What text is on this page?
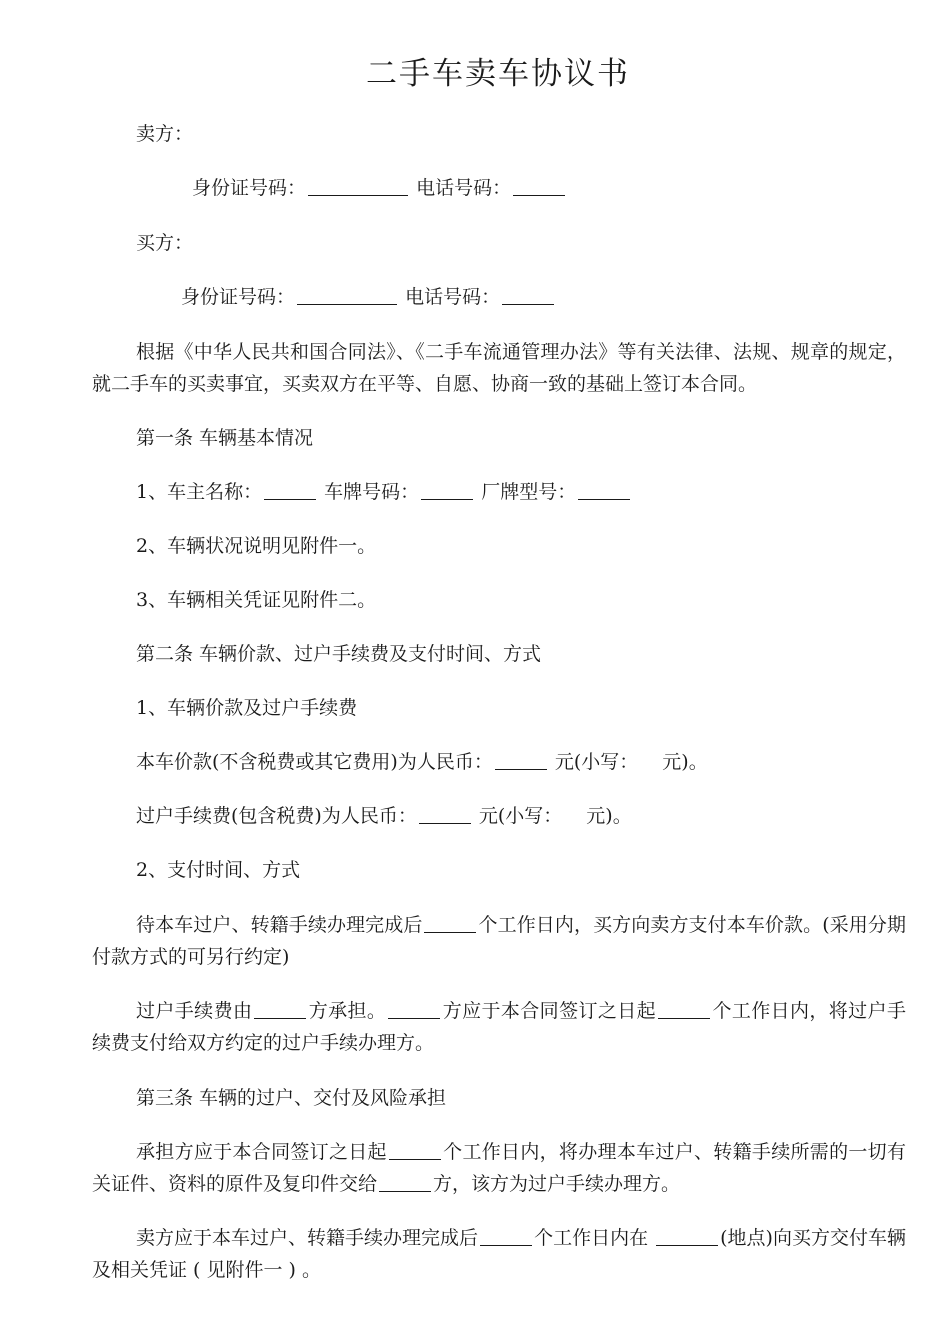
二手车卖车协议书

卖方：

身份证号码：	电话号码：

买方：

身份证号码：	电话号码：

根据《中华人民共和国合同法》、《二手车流通管理办法》等有关法律、法规、规章的规定，就二手车的买卖事宜，买卖双方在平等、自愿、协商一致的基础上签订本合同。

第一条 车辆基本情况

1、车主名称：	车牌号码：	厂牌型号：

2、车辆状况说明见附件一。

3、车辆相关凭证见附件二。

第二条 车辆价款、过户手续费及支付时间、方式

1、车辆价款及过户手续费

本车价款(不含税费或其它费用)为人民币：	元(小写： 元)。

过户手续费(包含税费)为人民币：	元(小写： 元)。

2、支付时间、方式

待本车过户、转籍手续办理完成后	个工作日内，买方向卖方支付本车价款。(采用分期付款方式的可另行约定)

过户手续费由	方承担。	方应于本合同签订之日起	个工作日内，将过户手续费支付给双方约定的过户手续办理方。

第三条 车辆的过户、交付及风险承担

承担方应于本合同签订之日起	个工作日内，将办理本车过户、转籍手续所需的一切有关证件、资料的原件及复印件交给	方，该方为过户手续办理方。

卖方应于本车过户、转籍手续办理完成后	个工作日内在	(地点)向买方交付车辆及相关凭证 ( 见附件一 ) 。
